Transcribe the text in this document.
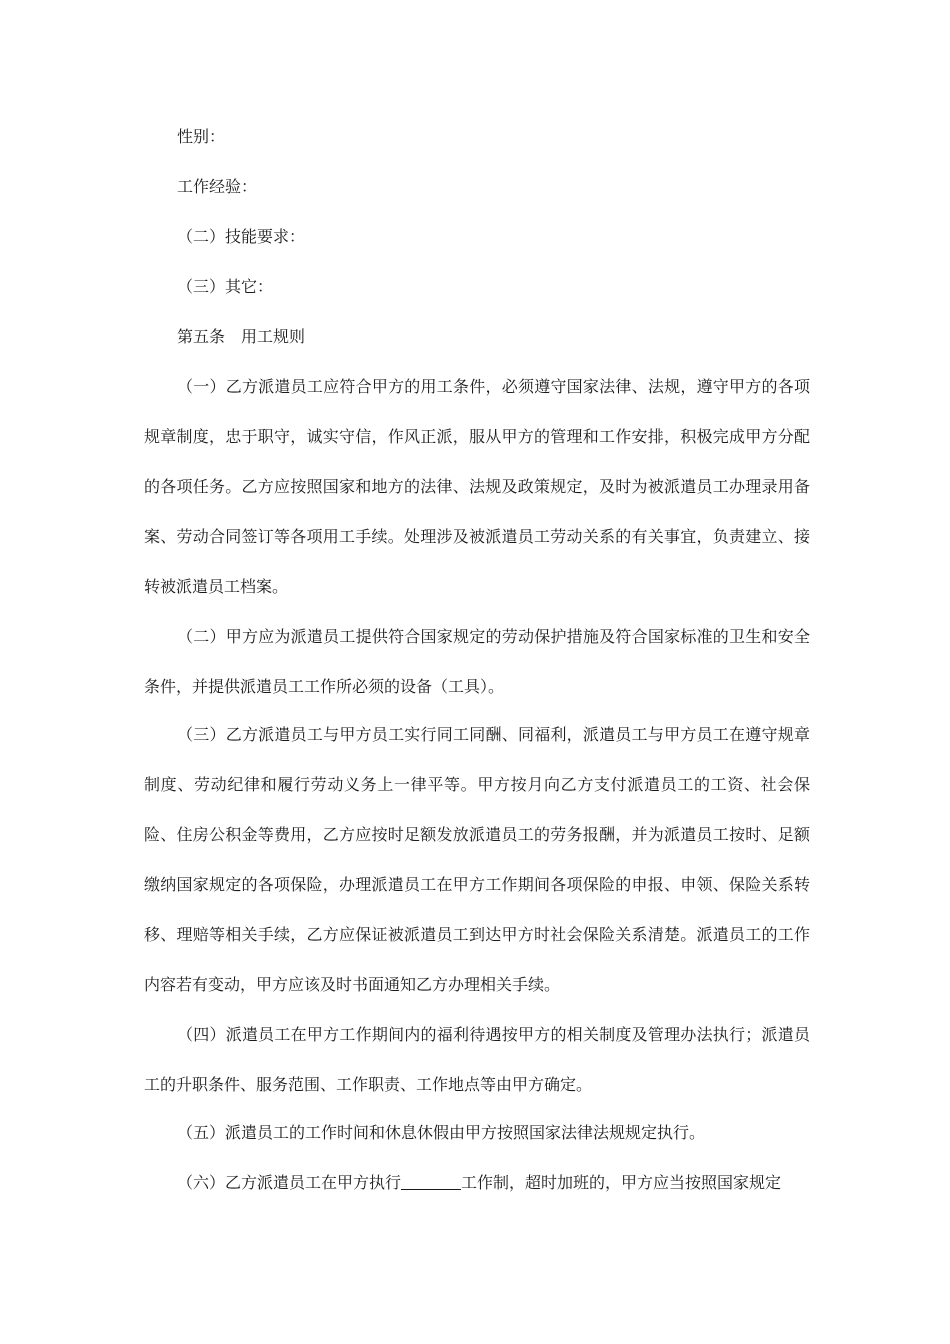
性别：

工作经验：

（二）技能要求：

（三）其它：

第五条 用工规则

（一）乙方派遣员工应符合甲方的用工条件，必须遵守国家法律、法规，遵守甲方的各项规章制度，忠于职守，诚实守信，作风正派，服从甲方的管理和工作安排，积极完成甲方分配的各项任务。乙方应按照国家和地方的法律、法规及政策规定，及时为被派遣员工办理录用备案、劳动合同签订等各项用工手续。处理涉及被派遣员工劳动关系的有关事宜，负责建立、接转被派遣员工档案。

（二）甲方应为派遣员工提供符合国家规定的劳动保护措施及符合国家标准的卫生和安全条件，并提供派遣员工工作所必须的设备（工具）。

（三）乙方派遣员工与甲方员工实行同工同酬、同福利，派遣员工与甲方员工在遵守规章制度、劳动纪律和履行劳动义务上一律平等。甲方按月向乙方支付派遣员工的工资、社会保险、住房公积金等费用，乙方应按时足额发放派遣员工的劳务报酬，并为派遣员工按时、足额缴纳国家规定的各项保险，办理派遣员工在甲方工作期间各项保险的申报、申领、保险关系转移、理赔等相关手续，乙方应保证被派遣员工到达甲方时社会保险关系清楚。派遣员工的工作内容若有变动，甲方应该及时书面通知乙方办理相关手续。

（四）派遣员工在甲方工作期间内的福利待遇按甲方的相关制度及管理办法执行；派遣员工的升职条件、服务范围、工作职责、工作地点等由甲方确定。

（五）派遣员工的工作时间和休息休假由甲方按照国家法律法规规定执行。

（六）乙方派遣员工在甲方执行	工作制，超时加班的，甲方应当按照国家规定
